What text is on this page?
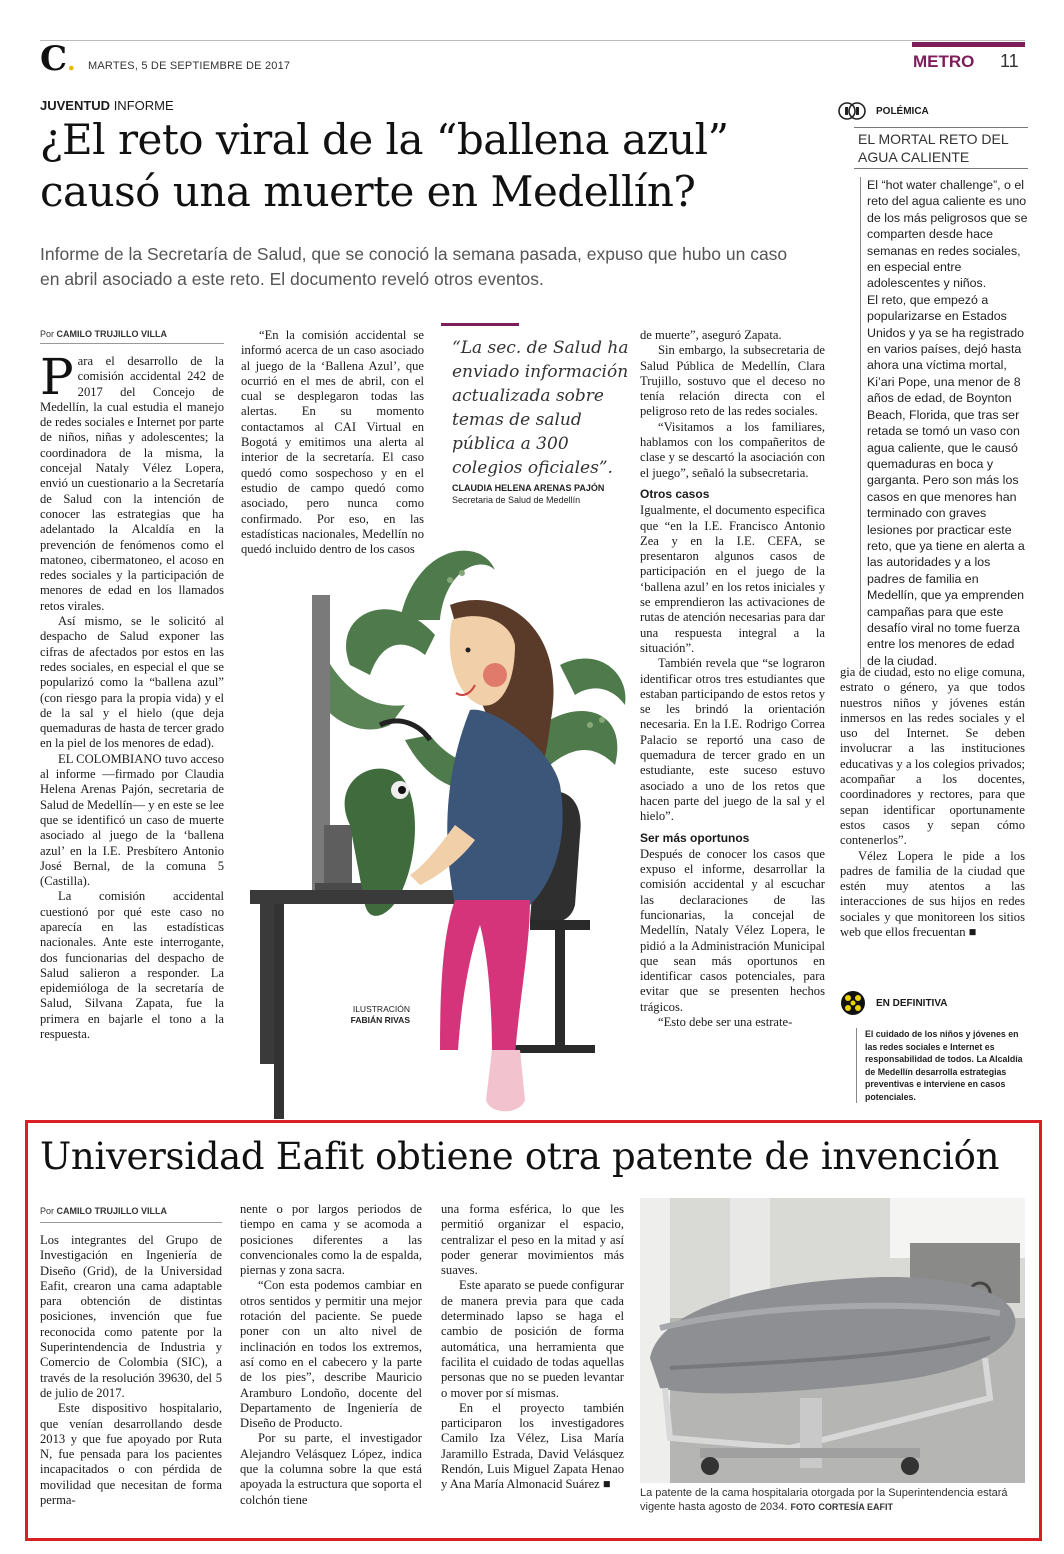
C. MARTES, 5 DE SEPTIEMBRE DE 2017	METRO 11
JUVENTUD INFORME
¿El reto viral de la “ballena azul” causó una muerte en Medellín?
Informe de la Secretaría de Salud, que se conoció la semana pasada, expuso que hubo un caso en abril asociado a este reto. El documento reveló otros eventos.
Por CAMILO TRUJILLO VILLA

Para el desarrollo de la comisión accidental 242 de 2017 del Concejo de Medellín, la cual estudia el manejo de redes sociales e Internet por parte de niños, niñas y adolescentes; la coordinadora de la misma, la concejal Nataly Vélez Lopera, envió un cuestionario a la Secretaría de Salud con la intención de conocer las estrategias que ha adelantado la Alcaldía en la prevención de fenómenos como el matoneo, cibermatoneo, el acoso en redes sociales y la participación de menores de edad en los llamados retos virales.

Así mismo, se le solicitó al despacho de Salud exponer las cifras de afectados por estos en las redes sociales, en especial el que se popularizó como la “ballena azul” (con riesgo para la propia vida) y el de la sal y el hielo (que deja quemaduras de hasta de tercer grado en la piel de los menores de edad).

EL COLOMBIANO tuvo acceso al informe —firmado por Claudia Helena Arenas Pajón, secretaria de Salud de Medellín— y en este se lee que se identificó un caso de muerte asociado al juego de la ‘ballena azul’ en la I.E. Presbítero Antonio José Bernal, de la comuna 5 (Castilla).

La comisión accidental cuestionó por qué este caso no aparecía en las estadísticas nacionales. Ante este interrogante, dos funcionarias del despacho de Salud salieron a responder. La epidemióloga de la secretaría de Salud, Silvana Zapata, fue la primera en bajarle el tono a la respuesta.

“En la comisión accidental se informó acerca de un caso asociado al juego de la ‘Ballena Azul’, que ocurrió en el mes de abril, con el cual se desplegaron todas las alertas. En su momento contactamos al CAI Virtual en Bogotá y emitimos una alerta al interior de la secretaría. El caso quedó como sospechoso y en el estudio de campo quedó como asociado, pero nunca como confirmado. Por eso, en las estadísticas nacionales, Medellín no quedó incluido dentro de los casos

ILUSTRACIÓN
FABIÁN RIVAS
“La sec. de Salud ha enviado información actualizada sobre temas de salud pública a 300 colegios oficiales”.
CLAUDIA HELENA ARENAS PAJÓN
Secretaria de Salud de Medellín

de muerte”, aseguró Zapata.

Sin embargo, la subsecretaria de Salud Pública de Medellín, Clara Trujillo, sostuvo que el deceso no tenía relación directa con el peligroso reto de las redes sociales.

“Visitamos a los familiares, hablamos con los compañeritos de clase y se descartó la asociación con el juego”, señaló la subsecretaria.

Otros casos

Igualmente, el documento especifica que “en la I.E. Francisco Antonio Zea y en la I.E. CEFA, se presentaron algunos casos de participación en el juego de la ‘ballena azul’ en los retos iniciales y se emprendieron las activaciones de rutas de atención necesarias para dar una respuesta integral a la situación”.

También revela que “se lograron identificar otros tres estudiantes que estaban participando de estos retos y se les brindó la orientación necesaria. En la I.E. Rodrigo Correa Palacio se reportó una caso de quemadura de tercer grado en un estudiante, este suceso estuvo asociado a uno de los retos que hacen parte del juego de la sal y el hielo”.

Ser más oportunos

Después de conocer los casos que expuso el informe, desarrollar la comisión accidental y al escuchar las declaraciones de las funcionarias, la concejal de Medellín, Nataly Vélez Lopera, le pidió a la Administración Municipal que sean más oportunos en identificar casos potenciales, para evitar que se presenten hechos trágicos.

“Esto debe ser una estrate-

gia de ciudad, esto no elige comuna, estrato o género, ya que todos nuestros niños y jóvenes están inmersos en las redes sociales y el uso del Internet. Se deben involucrar a las instituciones educativas y a los colegios privados; acompañar a los docentes, coordinadores y rectores, para que sepan identificar oportunamente estos casos y sepan cómo contenerlos”.

Vélez Lopera le pide a los padres de familia de la ciudad que estén muy atentos a las interacciones de sus hijos en redes sociales y que monitoreen los sitios web que ellos frecuentan ■

POLÉMICA
EL MORTAL RETO DEL AGUA CALIENTE

El “hot water challenge”, o el reto del agua caliente es uno de los más peligrosos que se comparten desde hace semanas en redes sociales, en especial entre adolescentes y niños.

El reto, que empezó a popularizarse en Estados Unidos y ya se ha registrado en varios países, dejó hasta ahora una víctima mortal, Ki’ari Pope, una menor de 8 años de edad, de Boynton Beach, Florida, que tras ser retada se tomó un vaso con agua caliente, que le causó quemaduras en boca y garganta. Pero son más los casos en que menores han terminado con graves lesiones por practicar este reto, que ya tiene en alerta a las autoridades y a los padres de familia en Medellín, que ya emprenden campañas para que este desafío viral no tome fuerza entre los menores de edad de la ciudad.

EN DEFINITIVA
El cuidado de los niños y jóvenes en las redes sociales e Internet es responsabilidad de todos. La Alcaldía de Medellín desarrolla estrategias preventivas e interviene en casos potenciales.
Universidad Eafit obtiene otra patente de invención
Por CAMILO TRUJILLO VILLA

Los integrantes del Grupo de Investigación en Ingeniería de Diseño (Grid), de la Universidad Eafit, crearon una cama adaptable para obtención de distintas posiciones, invención que fue reconocida como patente por la Superintendencia de Industria y Comercio de Colombia (SIC), a través de la resolución 39630, del 5 de julio de 2017.

Este dispositivo hospitalario, que venían desarrollando desde 2013 y que fue apoyado por Ruta N, fue pensada para los pacientes incapacitados o con pérdida de movilidad que necesitan de forma perma-

nente o por largos periodos de tiempo en cama y se acomoda a posiciones diferentes a las convencionales como la de espalda, piernas y zona sacra.

“Con esta podemos cambiar en otros sentidos y permitir una mejor rotación del paciente. Se puede poner con un alto nivel de inclinación en todos los extremos, así como en el cabecero y la parte de los pies”, describe Mauricio Aramburo Londoño, docente del Departamento de Ingeniería de Diseño de Producto.

Por su parte, el investigador Alejandro Velásquez López, indica que la columna sobre la que está apoyada la estructura que soporta el colchón tiene

una forma esférica, lo que les permitió organizar el espacio, centralizar el peso en la mitad y así poder generar movimientos más suaves.

Este aparato se puede configurar de manera previa para que cada determinado lapso se haga el cambio de posición de forma automática, una herramienta que facilita el cuidado de todas aquellas personas que no se pueden levantar o mover por sí mismas.

En el proyecto también participaron los investigadores Camilo Iza Vélez, Lisa María Jaramillo Estrada, David Velásquez Rendón, Luis Miguel Zapata Henao y Ana María Almonacid Suárez ■

La patente de la cama hospitalaria otorgada por la Superintendencia estará vigente hasta agosto de 2034. FOTO CORTESÍA EAFIT
